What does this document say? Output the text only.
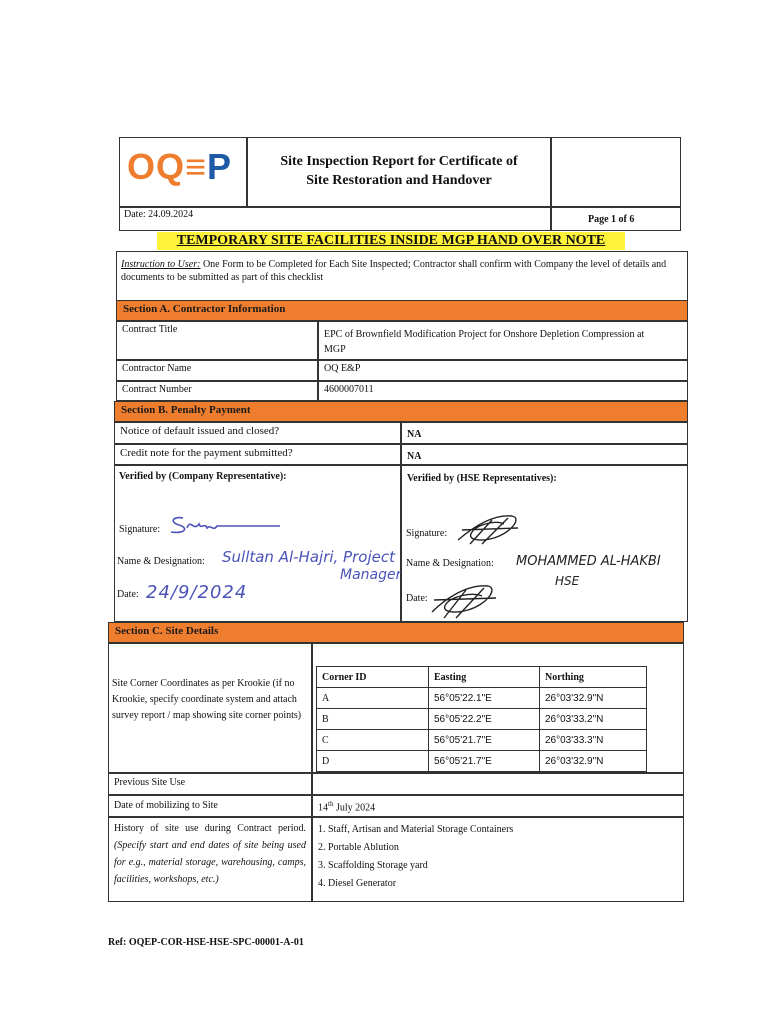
OQ≡P	Site Inspection Report for Certificate of
Site Restoration and Handover
Date: 24.09.2024	Page 1 of 6
TEMPORARY SITE FACILITIES INSIDE MGP HAND OVER NOTE
Instruction to User: One Form to be Completed for Each Site Inspected; Contractor shall confirm with Company the level of details and documents to be submitted as part of this checklist
Section A. Contractor Information
Contract Title	EPC of Brownfield Modification Project for Onshore Depletion Compression at MGP
Contractor Name	OQ E&P
Contract Number	4600007011
Section B. Penalty Payment
Notice of default issued and closed?	NA
Credit note for the payment submitted?	NA
Verified by (Company Representative):
Signature:
Name & Designation: Sulltan Al-Hajri, Project
Manager
Date: 24/9/2024
Verified by (HSE Representatives):
Signature:
Name & Designation: MOHAMMED AL-HAKBI
HSE
Date:
Section C. Site Details
Site Corner Coordinates as per Krookie (if no Krookie, specify coordinate system and attach survey report / map showing site corner points)
Corner ID	Easting	Northing
A	56°05'22.1"E	26°03'32.9"N
B	56°05'22.2"E	26°03'33.2"N
C	56°05'21.7"E	26°03'33.3"N
D	56°05'21.7"E	26°03'32.9"N
Previous Site Use
Date of mobilizing to Site	14th July 2024
History of site use during Contract period. (Specify start and end dates of site being used for e.g., material storage, warehousing, camps, facilities, workshops, etc.)
1. Staff, Artisan and Material Storage Containers
2. Portable Ablution
3. Scaffolding Storage yard
4. Diesel Generator
Ref: OQEP-COR-HSE-HSE-SPC-00001-A-01
